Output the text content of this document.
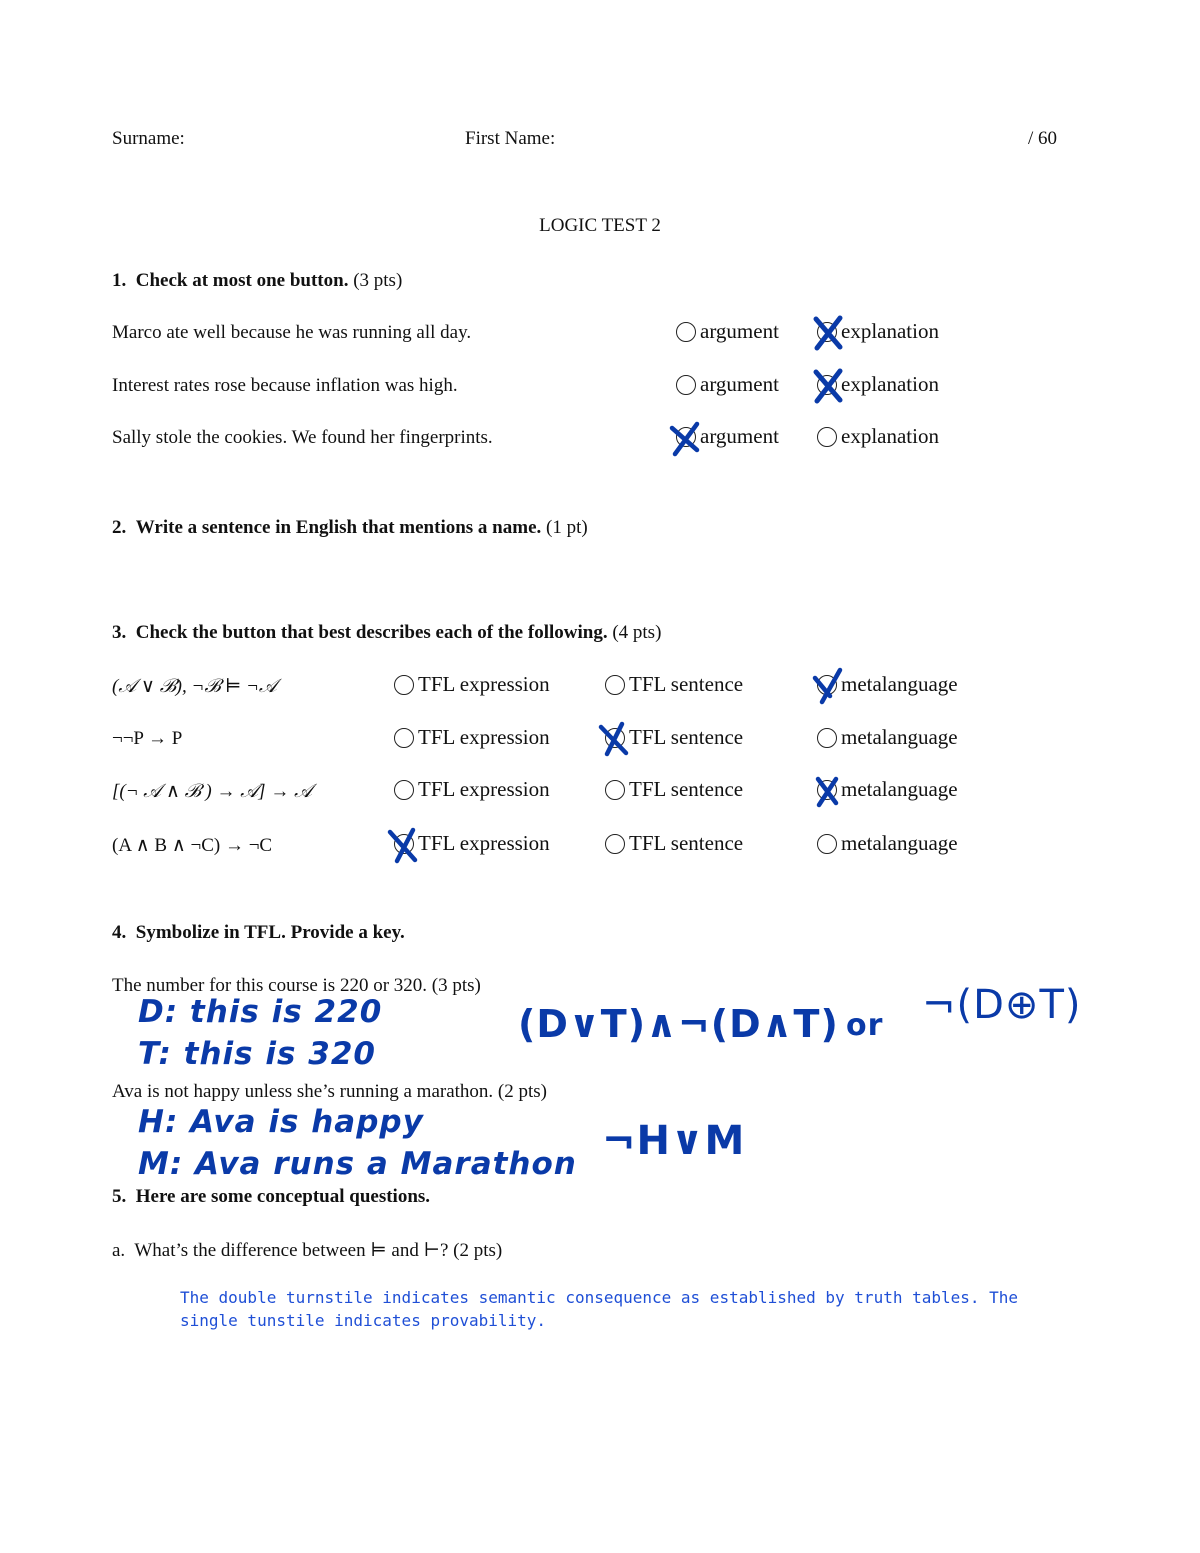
Surname:	First Name:	/ 60
LOGIC TEST 2
1. Check at most one button. (3 pts)
Marco ate well because he was running all day.	argument	explanation
Interest rates rose because inflation was high.	argument	explanation
Sally stole the cookies. We found her fingerprints.	argument	explanation
2. Write a sentence in English that mentions a name. (1 pt)
3. Check the button that best describes each of the following. (4 pts)
(𝒜 ∨ ℬ), ¬ℬ ⊨ ¬𝒜	TFL expression	TFL sentence	metalanguage
¬¬P → P	TFL expression	TFL sentence	metalanguage
[(¬ 𝒜 ∧ ℬ ) → 𝒜] → 𝒜	TFL expression	TFL sentence	metalanguage
(A ∧ B ∧ ¬C) → ¬C	TFL expression	TFL sentence	metalanguage
4. Symbolize in TFL. Provide a key.
The number for this course is 220 or 320. (3 pts)
D: this is 220
T: this is 320
(D∨T)∧¬(D∧T) or ¬(D⊕T)
Ava is not happy unless she’s running a marathon. (2 pts)
H: Ava is happy
M: Ava runs a Marathon ¬H∨M
5. Here are some conceptual questions.
a. What’s the difference between ⊨ and ⊢? (2 pts)
The double turnstile indicates semantic consequence as established by truth tables. The single tunstile indicates provability.
